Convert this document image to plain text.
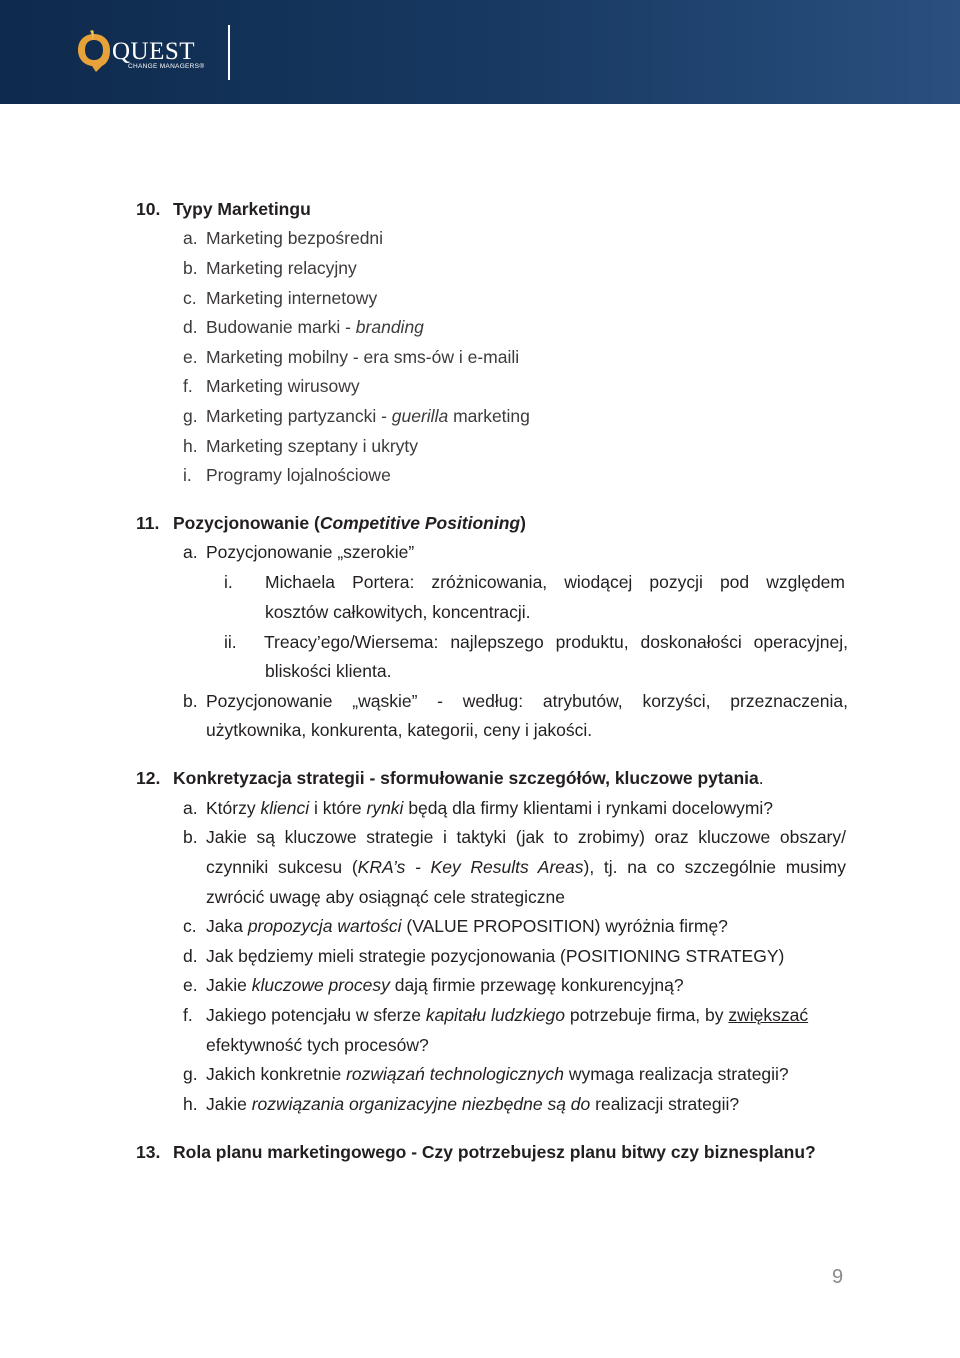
QUEST
CHANGE MANAGERS®
10. Typy Marketingu
a. Marketing bezpośredni
b. Marketing relacyjny
c. Marketing internetowy
d. Budowanie marki - branding
e. Marketing mobilny - era sms-ów i e-maili
f. Marketing wirusowy
g. Marketing partyzancki - guerilla marketing
h. Marketing szeptany i ukryty
i. Programy lojalnościowe
11. Pozycjonowanie (Competitive Positioning)
a. Pozycjonowanie „szerokie”
i. Michaela Portera: zróżnicowania, wiodącej pozycji pod względem
kosztów całkowitych, koncentracji.
ii. Treacy’ego/Wiersema: najlepszego produktu, doskonałości operacyjnej,
bliskości klienta.
b. Pozycjonowanie „wąskie” - według: atrybutów, korzyści, przeznaczenia,
użytkownika, konkurenta, kategorii, ceny i jakości.
12. Konkretyzacja strategii - sformułowanie szczegółów, kluczowe pytania.
a. Którzy klienci i które rynki będą dla firmy klientami i rynkami docelowymi?
b. Jakie są kluczowe strategie i taktyki (jak to zrobimy) oraz kluczowe obszary/
czynniki sukcesu (KRA’s - Key Results Areas), tj. na co szczególnie musimy
zwrócić uwagę aby osiągnąć cele strategiczne
c. Jaka propozycja wartości (VALUE PROPOSITION) wyróżnia firmę?
d. Jak będziemy mieli strategie pozycjonowania (POSITIONING STRATEGY)
e. Jakie kluczowe procesy dają firmie przewagę konkurencyjną?
f. Jakiego potencjału w sferze kapitału ludzkiego potrzebuje firma, by zwiększać
efektywność tych procesów?
g. Jakich konkretnie rozwiązań technologicznych wymaga realizacja strategii?
h. Jakie rozwiązania organizacyjne niezbędne są do realizacji strategii?
13. Rola planu marketingowego - Czy potrzebujesz planu bitwy czy biznesplanu?
9
